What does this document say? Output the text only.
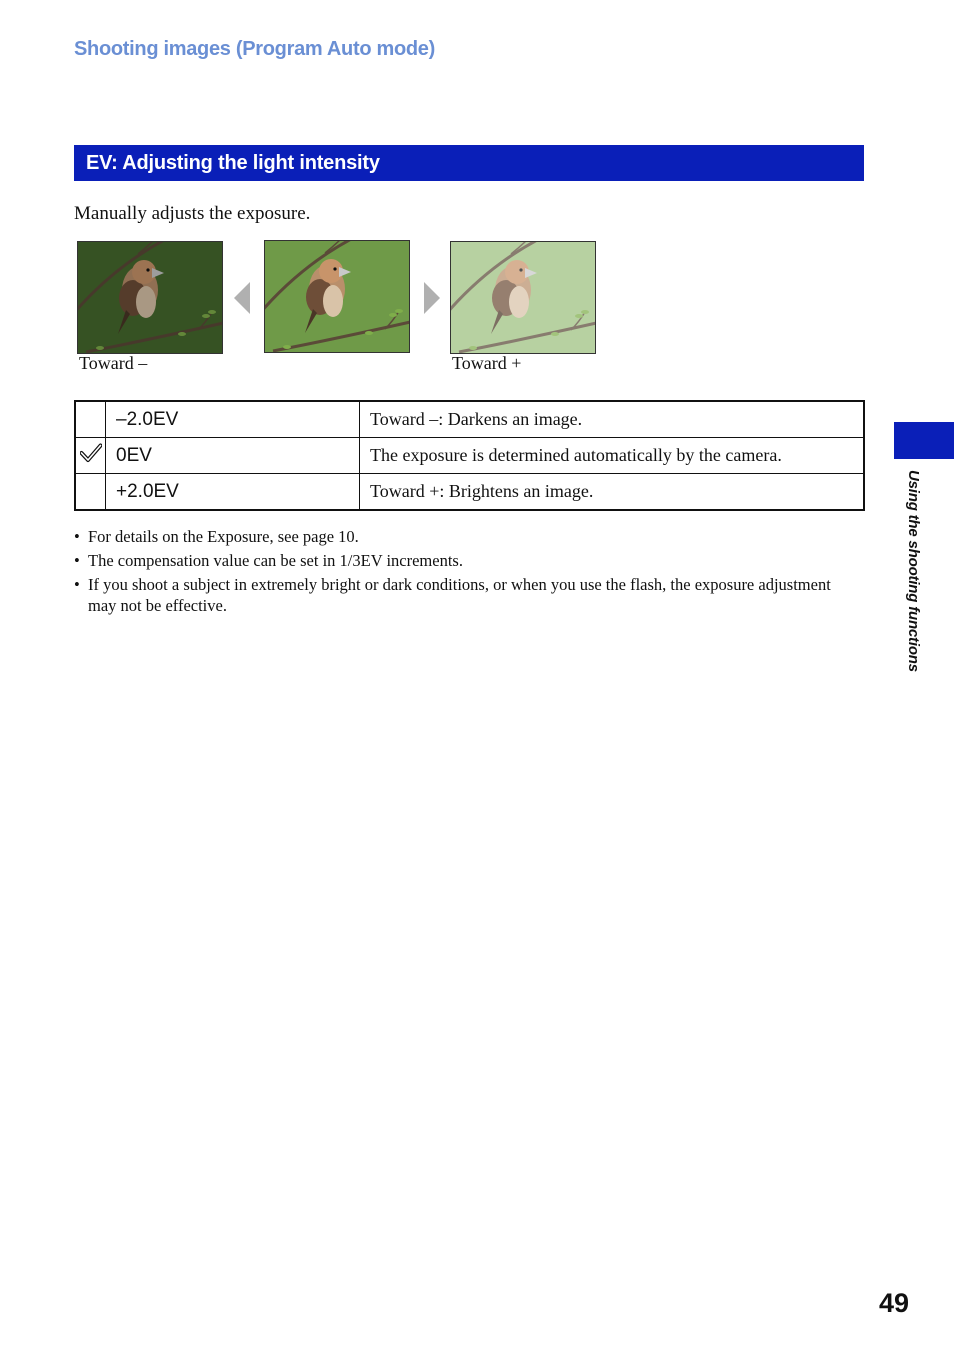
Shooting images (Program Auto mode)
EV: Adjusting the light intensity
Manually adjusts the exposure.
Toward –	Toward +
	–2.0EV	Toward –: Darkens an image.
	0EV	The exposure is determined automatically by the camera.
	+2.0EV	Toward +: Brightens an image.
• For details on the Exposure, see page 10.
• The compensation value can be set in 1/3EV increments.
• If you shoot a subject in extremely bright or dark conditions, or when you use the flash, the exposure adjustment may not be effective.	Using the shooting functions
49
